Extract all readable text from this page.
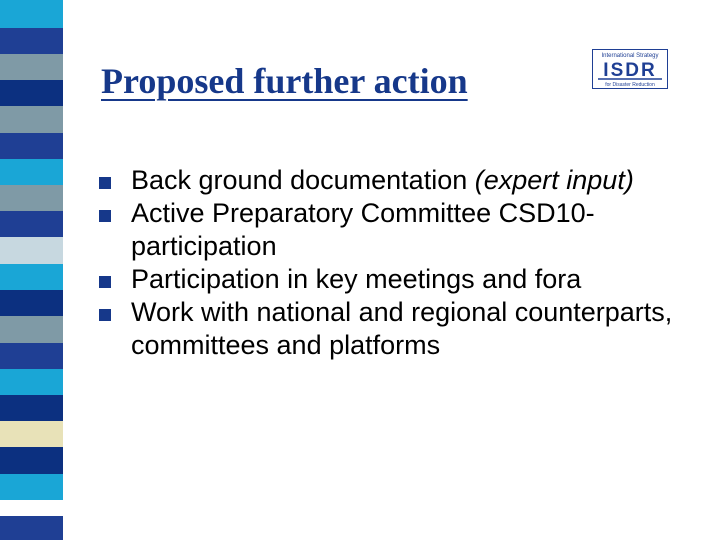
Proposed further action
International Strategy
ISDR
for Disaster Reduction
Back ground documentation (expert input)
Active Preparatory Committee CSD10-participation
Participation in key meetings and fora
Work with national and regional counterparts, committees and platforms
